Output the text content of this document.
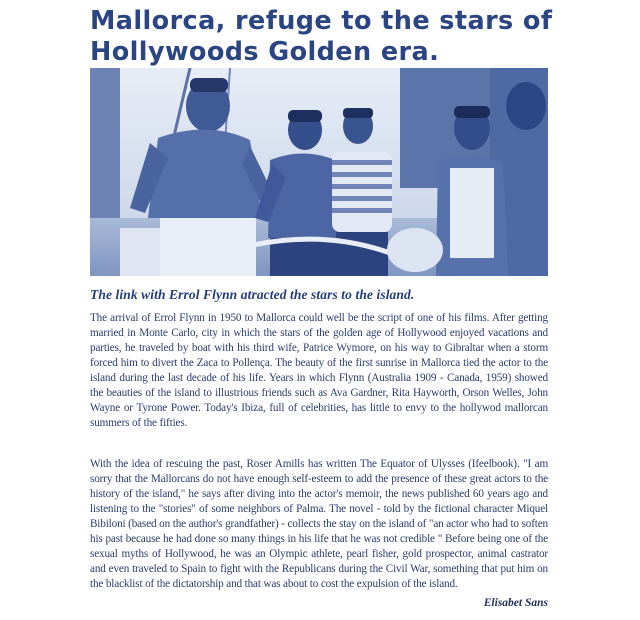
Mallorca, refuge to the stars of Hollywoods Golden era.
The link with Errol Flynn atracted the stars to the island.

The arrival of Errol Flynn in 1950 to Mallorca could well be the script of one of his films. After getting married in Monte Carlo, city in which the stars of the golden age of Hollywood enjoyed vacations and parties, he traveled by boat with his third wife, Patrice Wymore, on his way to Gibraltar when a storm forced him to divert the Zaca to Pollença. The beauty of the first sunrise in Mallorca tied the actor to the island during the last decade of his life. Years in which Flynn (Australia 1909 - Canada, 1959) showed the beauties of the island to illustrious friends such as Ava Gardner, Rita Hayworth, Orson Welles, John Wayne or Tyrone Power. Today's Ibiza, full of celebrities, has little to envy to the hollywod mallorcan summers of the fifties.

With the idea of rescuing the past, Roser Amills has written The Equator of Ulysses (Ifeelbook). "I am sorry that the Mallorcans do not have enough self-esteem to add the presence of these great actors to the history of the island," he says after diving into the actor's memoir, the news published 60 years ago and listening to the "stories" of some neighbors of Palma. The novel - told by the fictional character Miquel Bibiloni (based on the author's grandfather) - collects the stay on the island of "an actor who had to soften his past because he had done so many things in his life that he was not credible " Before being one of the sexual myths of Hollywood, he was an Olympic athlete, pearl fisher, gold prospector, animal castrator and even traveled to Spain to fight with the Republicans during the Civil War, something that put him on the blacklist of the dictatorship and that was about to cost the expulsion of the island.

Elisabet Sans
